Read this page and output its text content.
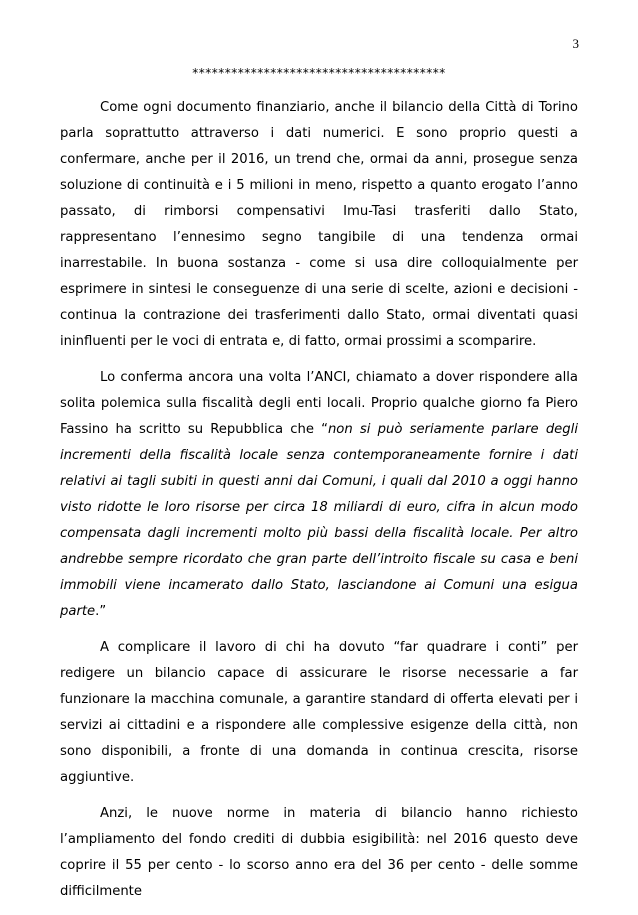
3
***************************************

Come ogni documento finanziario, anche il bilancio della Città di Torino parla soprattutto attraverso i dati numerici. E sono proprio questi a confermare, anche per il 2016, un trend che, ormai da anni, prosegue senza soluzione di continuità e i 5 milioni in meno, rispetto a quanto erogato l’anno passato, di rimborsi compensativi Imu-Tasi trasferiti dallo Stato, rappresentano l’ennesimo segno tangibile di una tendenza ormai inarrestabile. In buona sostanza - come si usa dire colloquialmente per esprimere in sintesi le conseguenze di una serie di scelte, azioni e decisioni - continua la contrazione dei trasferimenti dallo Stato, ormai diventati quasi ininfluenti per le voci di entrata e, di fatto, ormai prossimi a scomparire.

Lo conferma ancora una volta l’ANCI, chiamato a dover rispondere alla solita polemica sulla fiscalità degli enti locali. Proprio qualche giorno fa Piero Fassino ha scritto su Repubblica che “non si può seriamente parlare degli incrementi della fiscalità locale senza contemporaneamente fornire i dati relativi ai tagli subiti in questi anni dai Comuni, i quali dal 2010 a oggi hanno visto ridotte le loro risorse per circa 18 miliardi di euro, cifra in alcun modo compensata dagli incrementi molto più bassi della fiscalità locale. Per altro andrebbe sempre ricordato che gran parte dell’introito fiscale su casa e beni immobili viene incamerato dallo Stato, lasciandone ai Comuni una esigua parte.”

A complicare il lavoro di chi ha dovuto “far quadrare i conti” per redigere un bilancio capace di assicurare le risorse necessarie a far funzionare la macchina comunale, a garantire standard di offerta elevati per i servizi ai cittadini e a rispondere alle complessive esigenze della città, non sono disponibili, a fronte di una domanda in continua crescita, risorse aggiuntive.

Anzi, le nuove norme in materia di bilancio hanno richiesto l’ampliamento del fondo crediti di dubbia esigibilità: nel 2016 questo deve coprire il 55 per cento - lo scorso anno era del 36 per cento - delle somme difficilmente
